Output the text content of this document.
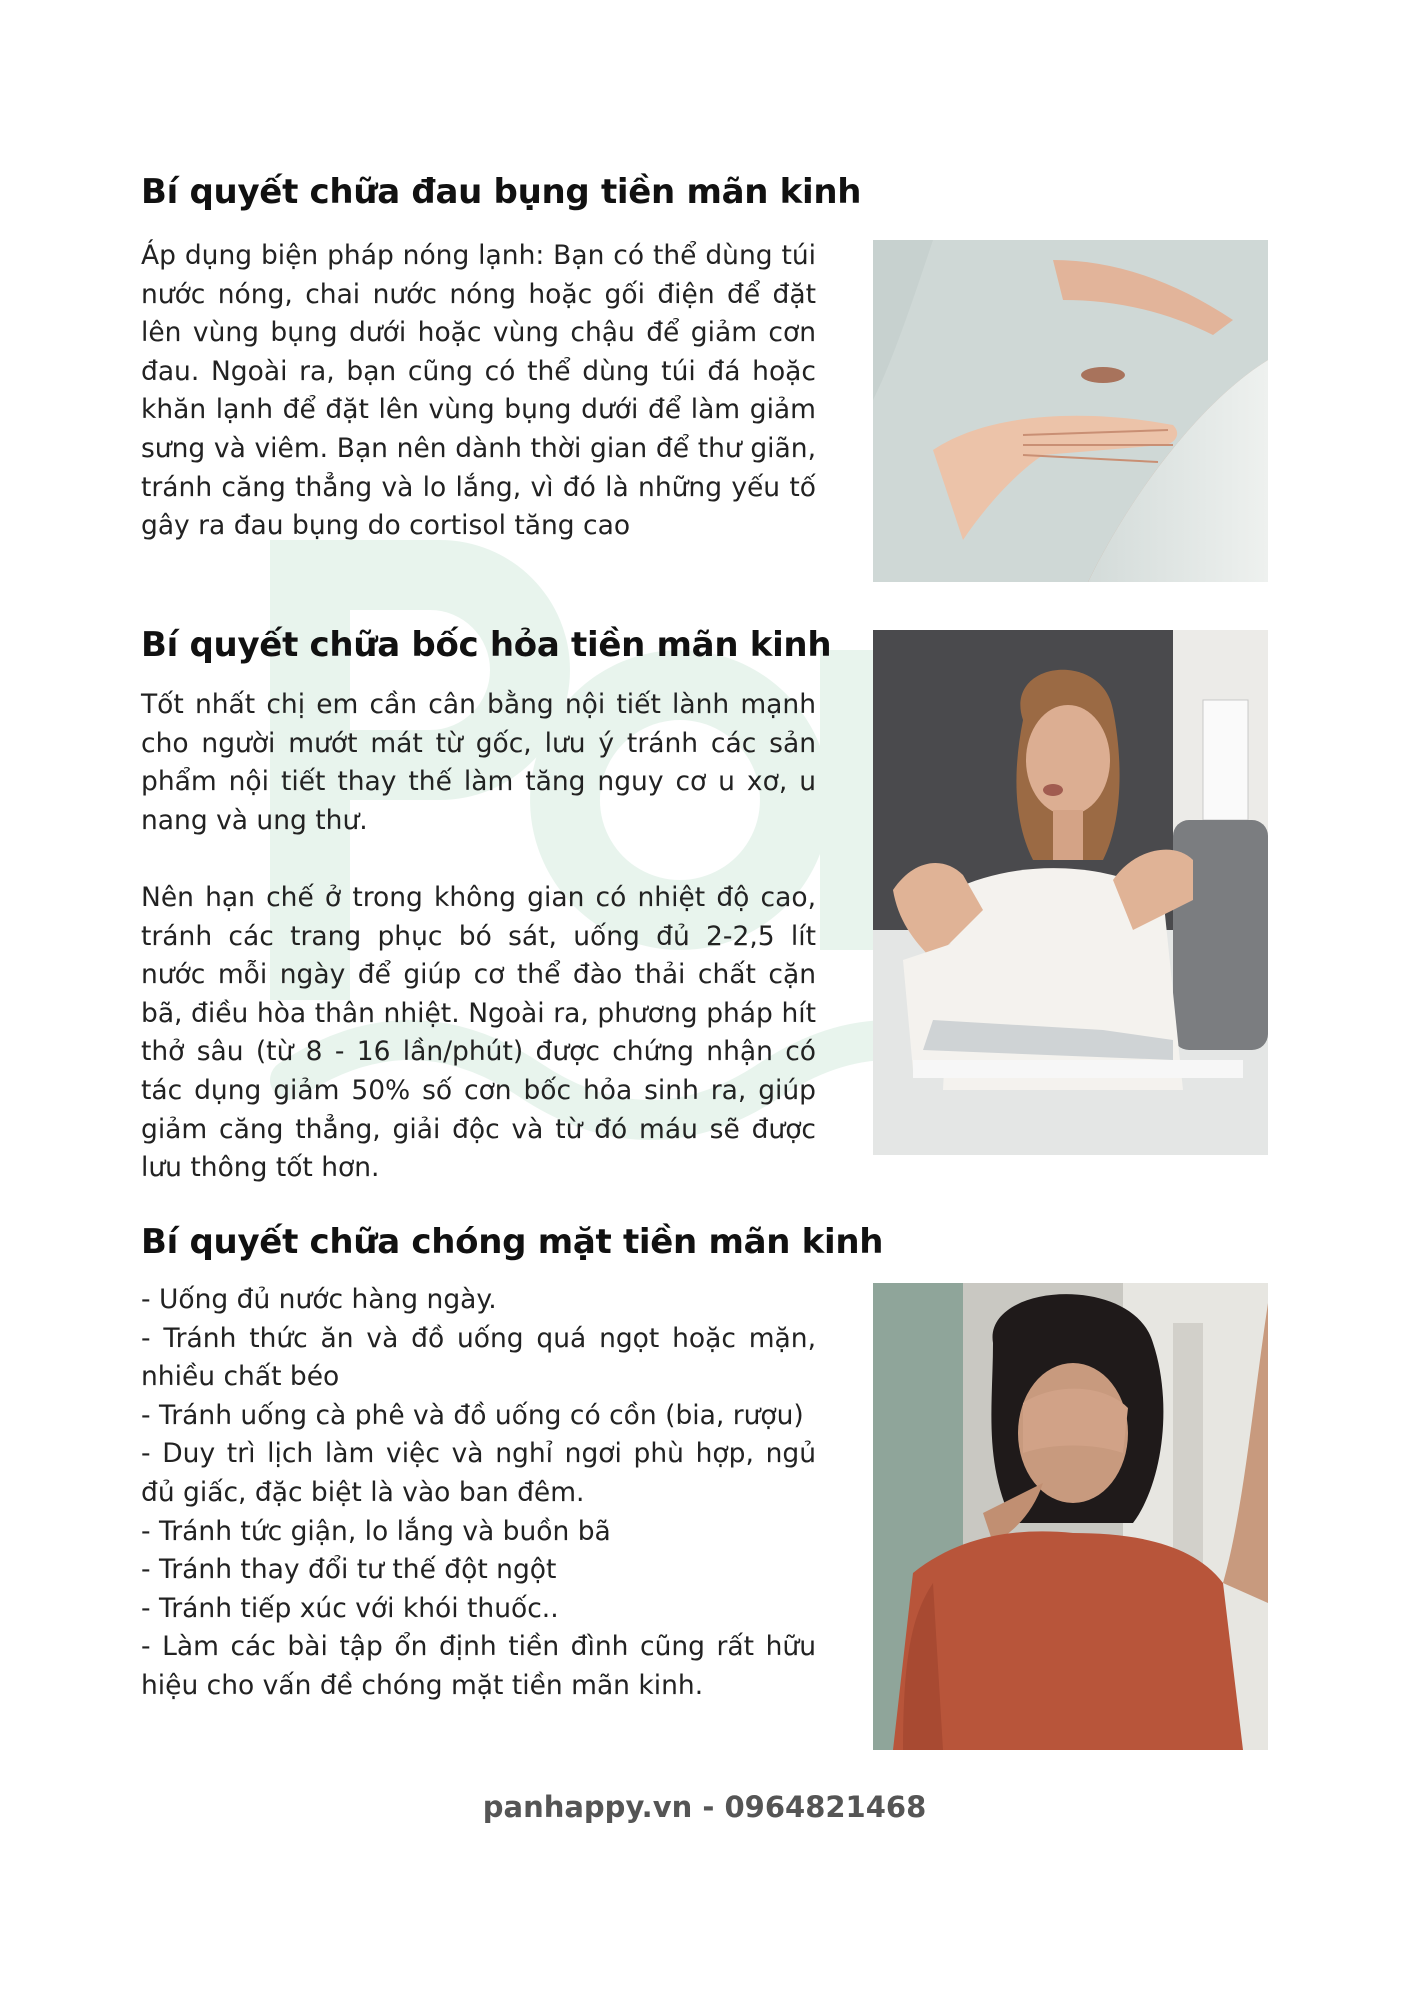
Bí quyết chữa đau bụng tiền mãn kinh

Áp dụng biện pháp nóng lạnh: Bạn có thể dùng túi nước nóng, chai nước nóng hoặc gối điện để đặt lên vùng bụng dưới hoặc vùng chậu để giảm cơn đau. Ngoài ra, bạn cũng có thể dùng túi đá hoặc khăn lạnh để đặt lên vùng bụng dưới để làm giảm sưng và viêm. Bạn nên dành thời gian để thư giãn, tránh căng thẳng và lo lắng, vì đó là những yếu tố gây ra đau bụng do cortisol tăng cao

Bí quyết chữa bốc hỏa tiền mãn kinh

Tốt nhất chị em cần cân bằng nội tiết lành mạnh cho người mướt mát từ gốc, lưu ý tránh các sản phẩm nội tiết thay thế làm tăng nguy cơ u xơ, u nang và ung thư.

Nên hạn chế ở trong không gian có nhiệt độ cao, tránh các trang phục bó sát, uống đủ 2-2,5 lít nước mỗi ngày để giúp cơ thể đào thải chất cặn bã, điều hòa thân nhiệt. Ngoài ra, phương pháp hít thở sâu (từ 8 - 16 lần/phút) được chứng nhận có tác dụng giảm 50% số cơn bốc hỏa sinh ra, giúp giảm căng thẳng, giải độc và từ đó máu sẽ được lưu thông tốt hơn.

Bí quyết chữa chóng mặt tiền mãn kinh
- Uống đủ nước hàng ngày.
- Tránh thức ăn và đồ uống quá ngọt hoặc mặn, nhiều chất béo
- Tránh uống cà phê và đồ uống có cồn (bia, rượu)
- Duy trì lịch làm việc và nghỉ ngơi phù hợp, ngủ đủ giấc, đặc biệt là vào ban đêm.
- Tránh tức giận, lo lắng và buồn bã
- Tránh thay đổi tư thế đột ngột
- Tránh tiếp xúc với khói thuốc..
- Làm các bài tập ổn định tiền đình cũng rất hữu hiệu cho vấn đề chóng mặt tiền mãn kinh.

panhappy.vn - 0964821468
